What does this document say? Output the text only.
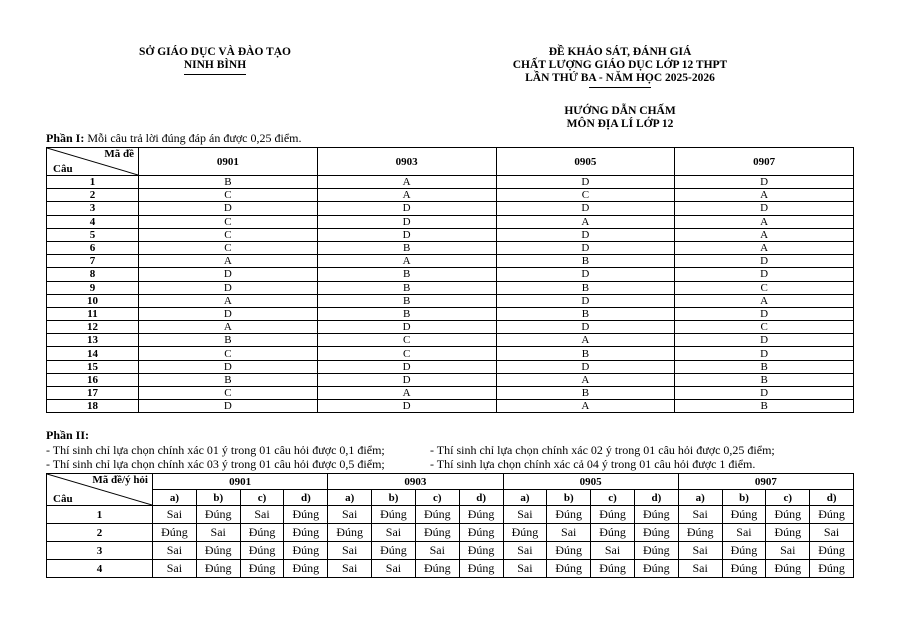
SỞ GIÁO DỤC VÀ ĐÀO TẠO
NINH BÌNH
ĐỀ KHẢO SÁT, ĐÁNH GIÁ
CHẤT LƯỢNG GIÁO DỤC LỚP 12 THPT
LẦN THỨ BA - NĂM HỌC 2025-2026
HƯỚNG DẪN CHẤM
MÔN ĐỊA LÍ LỚP 12
Phần I: Mỗi câu trả lời đúng đáp án được 0,25 điểm.
Mã đề
Câu	0901	0903	0905	0907
1	B	A	D	D
2	C	A	C	A
3	D	D	D	D
4	C	D	A	A
5	C	D	D	A
6	C	B	D	A
7	A	A	B	D
8	D	B	D	D
9	D	B	B	C
10	A	B	D	A
11	D	B	B	D
12	A	D	D	C
13	B	C	A	D
14	C	C	B	D
15	D	D	D	B
16	B	D	A	B
17	C	A	B	D
18	D	D	A	B
Phần II:
- Thí sinh chỉ lựa chọn chính xác 01 ý trong 01 câu hỏi được 0,1 điểm;	- Thí sinh chỉ lựa chọn chính xác 02 ý trong 01 câu hỏi được 0,25 điểm;
- Thí sinh chỉ lựa chọn chính xác 03 ý trong 01 câu hỏi được 0,5 điểm;	- Thí sinh lựa chọn chính xác cả 04 ý trong 01 câu hỏi được 1 điểm.
Mã đề/ý hỏi
Câu	0901				0903				0905				0907			
	a)	b)	c)	d)	a)	b)	c)	d)	a)	b)	c)	d)	a)	b)	c)	d)
1	Sai	Đúng	Sai	Đúng	Sai	Đúng	Đúng	Đúng	Sai	Đúng	Đúng	Đúng	Sai	Đúng	Đúng	Đúng
2	Đúng	Sai	Đúng	Đúng	Đúng	Sai	Đúng	Đúng	Đúng	Sai	Đúng	Đúng	Đúng	Sai	Đúng	Sai
3	Sai	Đúng	Đúng	Đúng	Sai	Đúng	Sai	Đúng	Sai	Đúng	Sai	Đúng	Sai	Đúng	Sai	Đúng
4	Sai	Đúng	Đúng	Đúng	Sai	Sai	Đúng	Đúng	Sai	Đúng	Đúng	Đúng	Sai	Đúng	Đúng	Đúng
